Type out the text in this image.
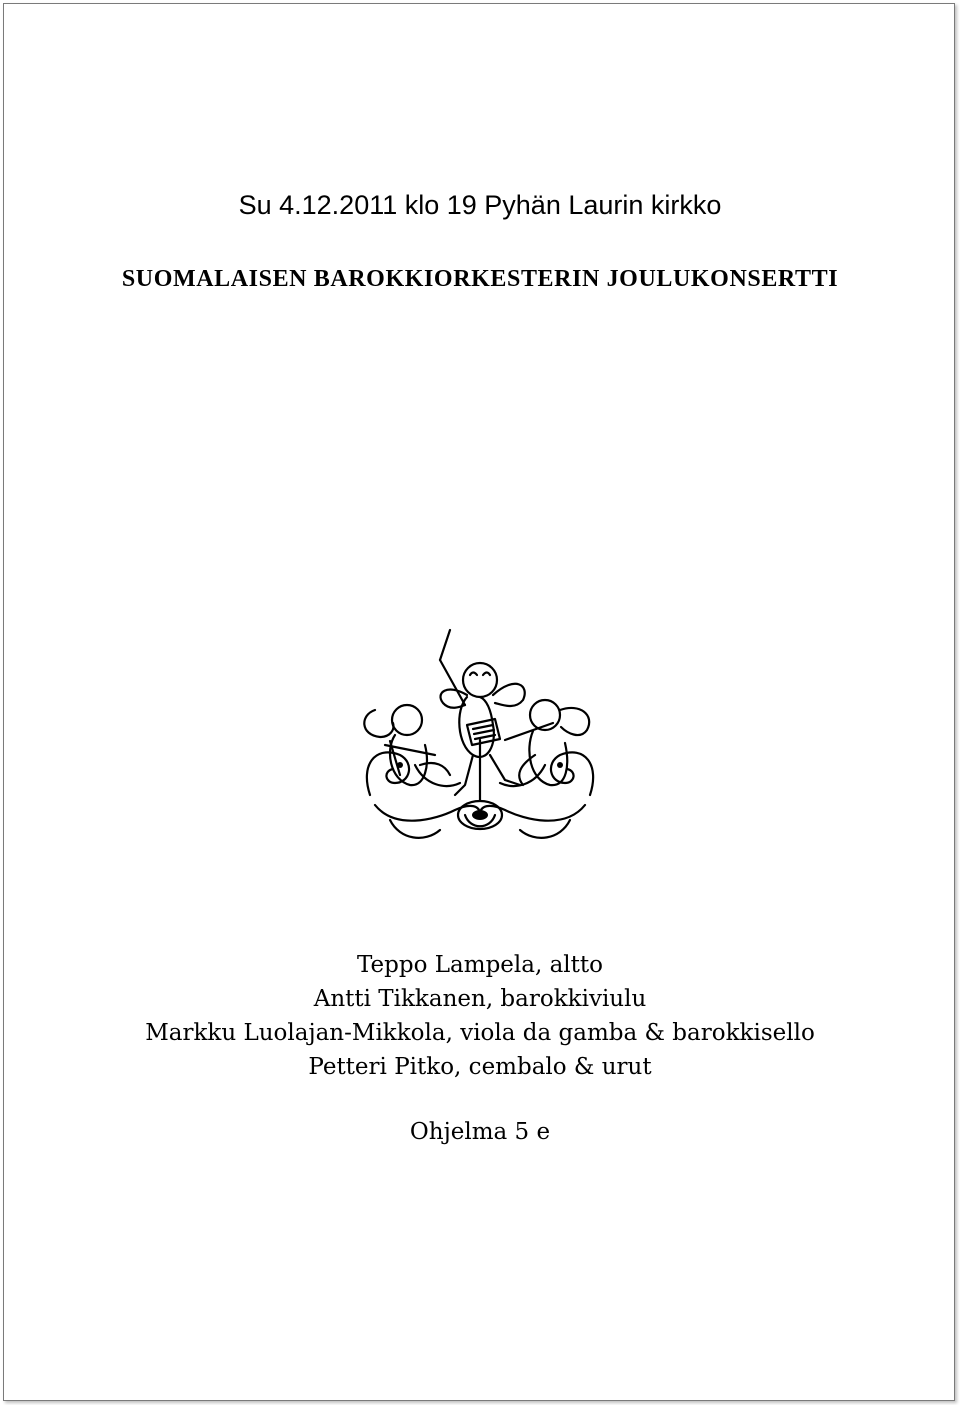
Su 4.12.2011 klo 19 Pyhän Laurin kirkko
SUOMALAISEN BAROKKIORKESTERIN JOULUKONSERTTI
Teppo Lampela, altto
Antti Tikkanen, barokkiviulu
Markku Luolajan-Mikkola, viola da gamba & barokkisello
Petteri Pitko, cembalo & urut
Ohjelma 5 e
